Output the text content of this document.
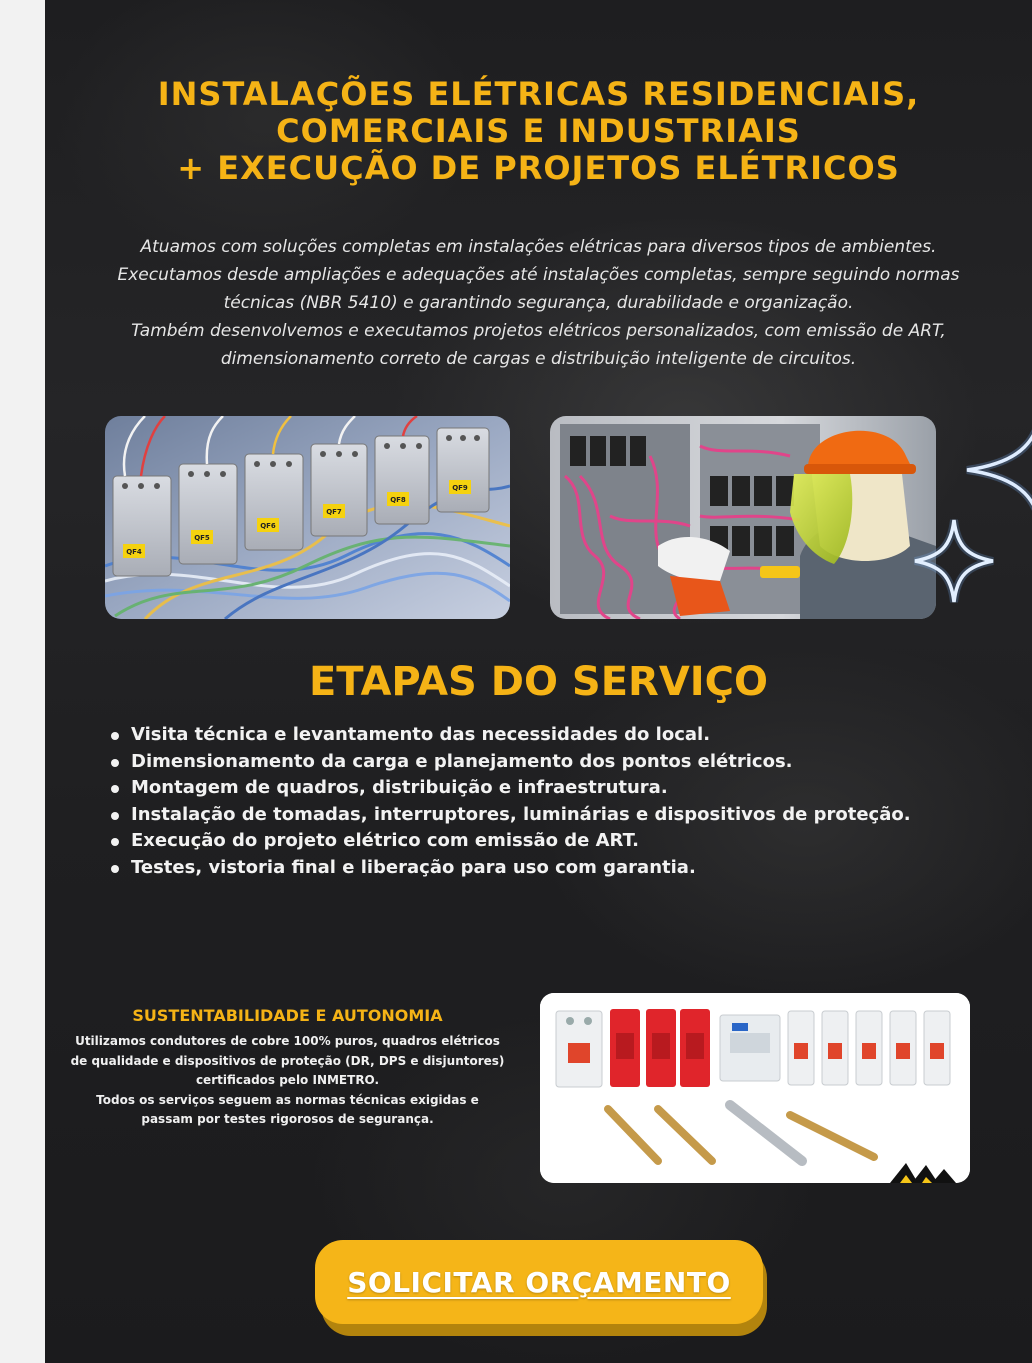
INSTALAÇÕES ELÉTRICAS RESIDENCIAIS,
COMERCIAIS E INDUSTRIAIS
+ EXECUÇÃO DE PROJETOS ELÉTRICOS

Atuamos com soluções completas em instalações elétricas para diversos tipos de ambientes.
Executamos desde ampliações e adequações até instalações completas, sempre seguindo normas
técnicas (NBR 5410) e garantindo segurança, durabilidade e organização.
Também desenvolvemos e executamos projetos elétricos personalizados, com emissão de ART,
dimensionamento correto de cargas e distribuição inteligente de circuitos.

QF4
QF5
QF6
QF7
QF8
QF9
ETAPAS DO SERVIÇO
Visita técnica e levantamento das necessidades do local.
Dimensionamento da carga e planejamento dos pontos elétricos.
Montagem de quadros, distribuição e infraestrutura.
Instalação de tomadas, interruptores, luminárias e dispositivos de proteção.
Execução do projeto elétrico com emissão de ART.
Testes, vistoria final e liberação para uso com garantia.
SUSTENTABILIDADE E AUTONOMIA

Utilizamos condutores de cobre 100% puros, quadros elétricos
de qualidade e dispositivos de proteção (DR, DPS e disjuntores)
certificados pelo INMETRO.
Todos os serviços seguem as normas técnicas exigidas e
passam por testes rigorosos de segurança.

SOLICITAR ORÇAMENTO
